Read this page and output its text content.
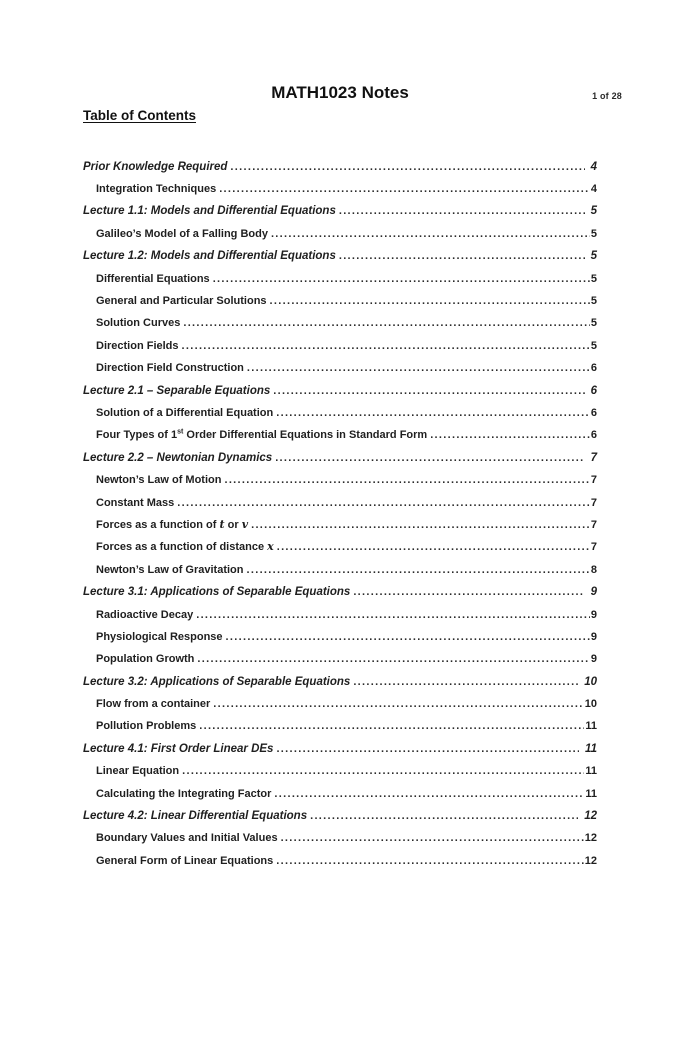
1 of 28
MATH1023 Notes
Table of Contents
Prior Knowledge Required .....	4
Integration Techniques .....	4
Lecture 1.1: Models and Differential Equations .....	5
Galileo’s Model of a Falling Body .....	5
Lecture 1.2: Models and Differential Equations .....	5
Differential Equations .....	5
General and Particular Solutions .....	5
Solution Curves .....	5
Direction Fields .....	5
Direction Field Construction .....	6
Lecture 2.1 – Separable Equations .....	6
Solution of a Differential Equation .....	6
Four Types of 1st Order Differential Equations in Standard Form .....	6
Lecture 2.2 – Newtonian Dynamics .....	7
Newton’s Law of Motion .....	7
Constant Mass .....	7
Forces as a function of t or v .....	7
Forces as a function of distance x .....	7
Newton’s Law of Gravitation .....	8
Lecture 3.1: Applications of Separable Equations .....	9
Radioactive Decay .....	9
Physiological Response .....	9
Population Growth .....	9
Lecture 3.2: Applications of Separable Equations .....	10
Flow from a container .....	10
Pollution Problems .....	11
Lecture 4.1: First Order Linear DEs .....	11
Linear Equation .....	11
Calculating the Integrating Factor .....	11
Lecture 4.2: Linear Differential Equations .....	12
Boundary Values and Initial Values .....	12
General Form of Linear Equations .....	12
